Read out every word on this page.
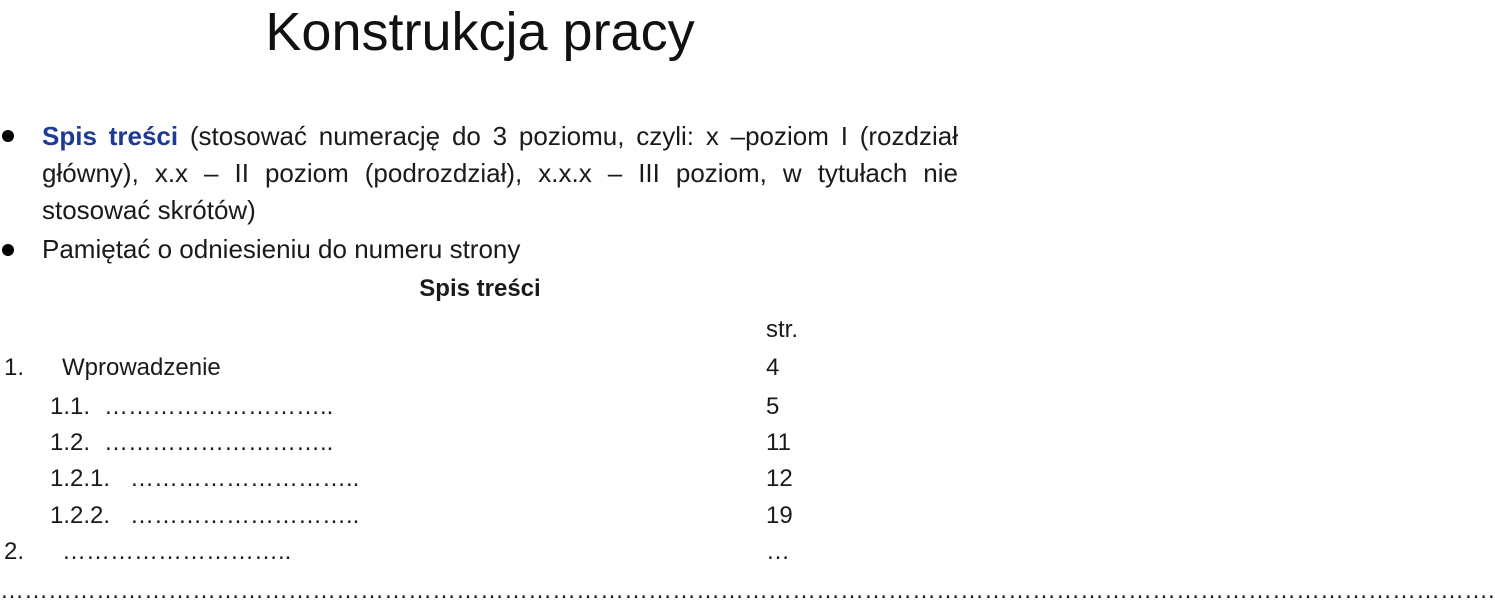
Konstrukcja pracy
Spis treści (stosować numerację do 3 poziomu, czyli: x –poziom I (rozdział główny), x.x – II poziom (podrozdział), x.x.x – III poziom, w tytułach nie stosować skrótów)
Pamiętać o odniesieniu do numeru strony
Spis treści
str.
1. Wprowadzenie	4
1.1. ………………………..	5
1.2. ………………………..	11
1.2.1. ………………………..	12
1.2.2. ………………………..	19
2. ………………………..	…
…………………………………………………………………………………………………………………………………………………………………….
